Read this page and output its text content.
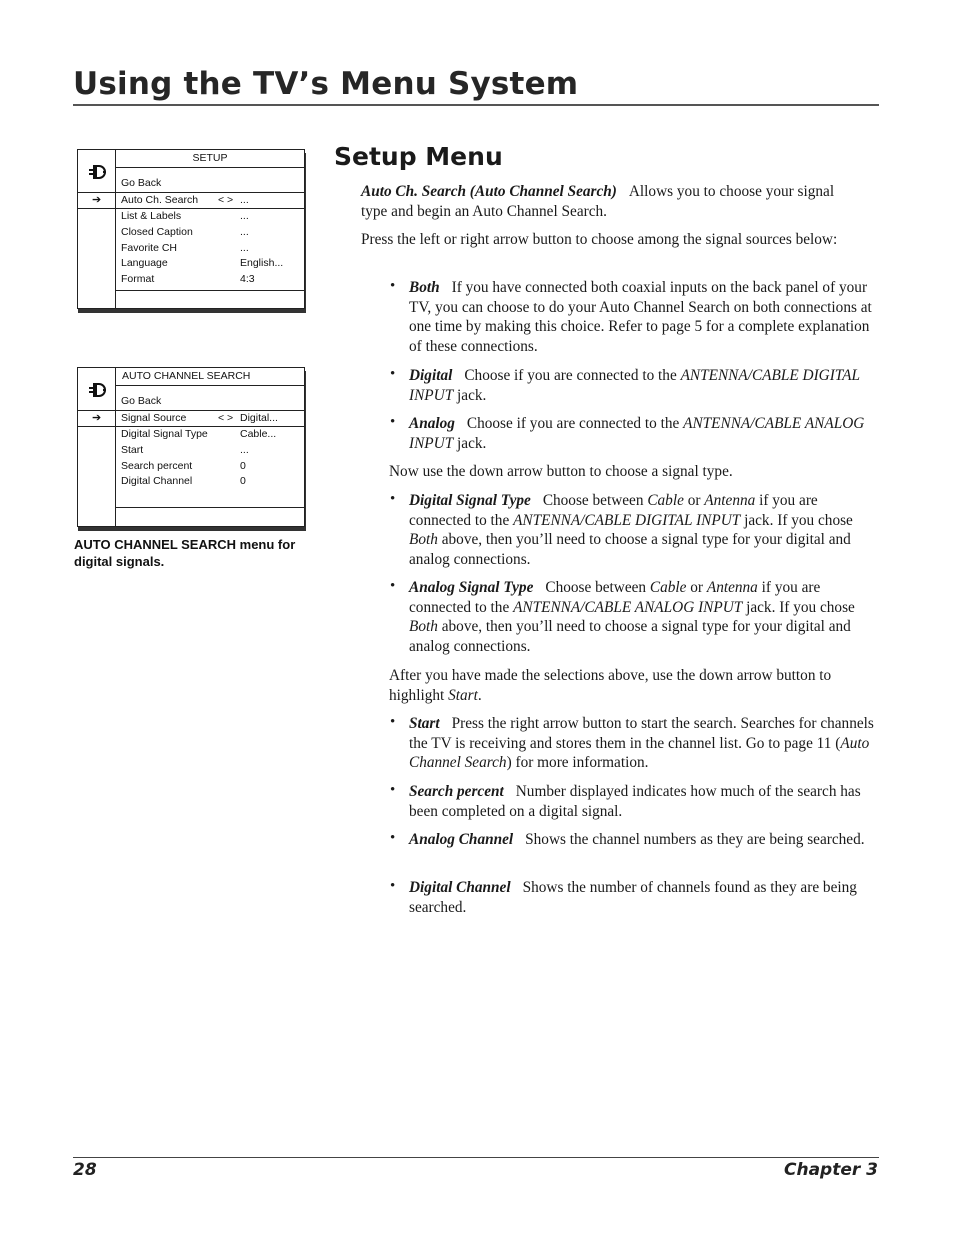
Using the TV’s Menu System
SETUP
Go Back
➔ Auto Ch. Search < > ...
List & Labels	...
Closed Caption	...
Favorite CH	...
Language	English...
Format	4:3
AUTO CHANNEL SEARCH
Go Back
➔ Signal Source	< > Digital...
Digital Signal Type	Cable...
Start	...
Search percent	0
Digital Channel	0

AUTO CHANNEL SEARCH menu for digital signals.

Setup Menu

Auto Ch. Search (Auto Channel Search) Allows you to choose your signal type and begin an Auto Channel Search.

Press the left or right arrow button to choose among the signal sources below:

• Both If you have connected both coaxial inputs on the back panel of your TV, you can choose to do your Auto Channel Search on both connections at one time by making this choice. Refer to page 5 for a complete explanation of these connections.

• Digital Choose if you are connected to the ANTENNA/CABLE DIGITAL INPUT jack.

• Analog Choose if you are connected to the ANTENNA/CABLE ANALOG INPUT jack.

Now use the down arrow button to choose a signal type.

• Digital Signal Type Choose between Cable or Antenna if you are connected to the ANTENNA/CABLE DIGITAL INPUT jack. If you chose Both above, then you’ll need to choose a signal type for your digital and analog connections.

• Analog Signal Type Choose between Cable or Antenna if you are connected to the ANTENNA/CABLE ANALOG INPUT jack. If you chose Both above, then you’ll need to choose a signal type for your digital and analog connections.

After you have made the selections above, use the down arrow button to highlight Start.

• Start Press the right arrow button to start the search. Searches for channels the TV is receiving and stores them in the channel list. Go to page 11 (Auto Channel Search) for more information.

• Search percent Number displayed indicates how much of the search has been completed on a digital signal.

• Analog Channel Shows the channel numbers as they are being searched.

• Digital Channel Shows the number of channels found as they are being searched.

28	Chapter 3
